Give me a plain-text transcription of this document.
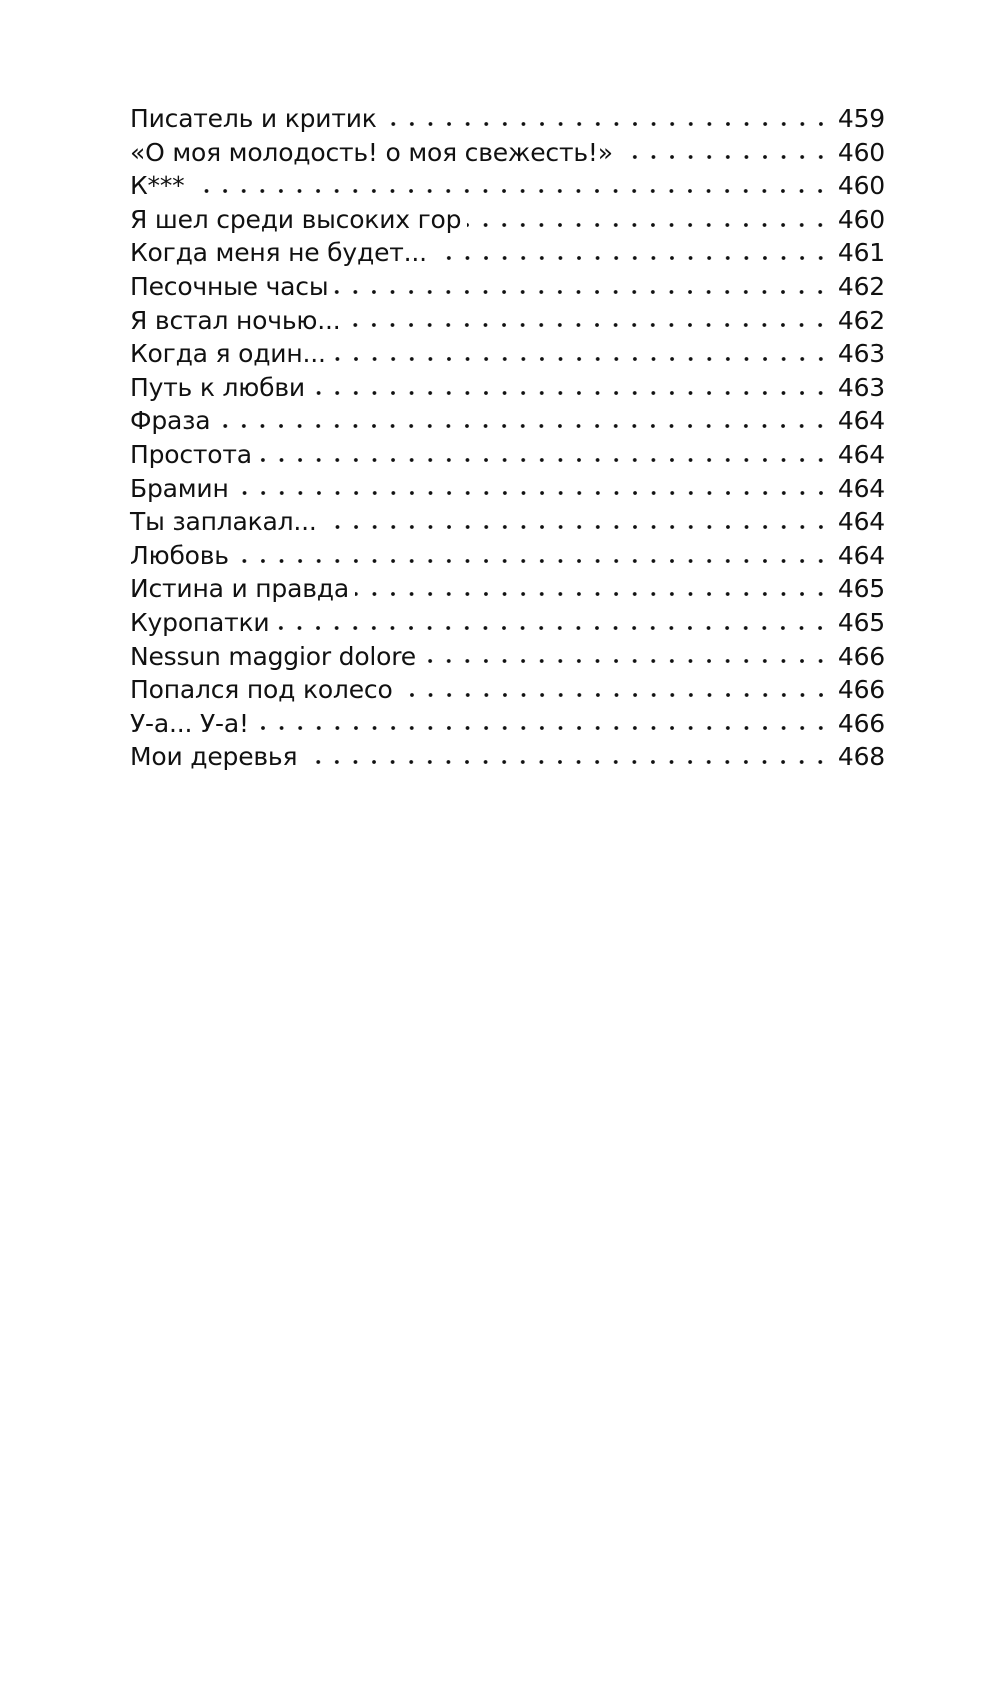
Писатель и критик	459
«О моя молодость! о моя свежесть!»	460
К***	460
Я шел среди высоких гор	460
Когда меня не будет...	461
Песочные часы	462
Я встал ночью...	462
Когда я один...	463
Путь к любви	463
Фраза	464
Простота	464
Брамин	464
Ты заплакал...	464
Любовь	464
Истина и правда	465
Куропатки	465
Nessun maggior dolore	466
Попался под колесо	466
У-а... У-а!	466
Мои деревья	468
